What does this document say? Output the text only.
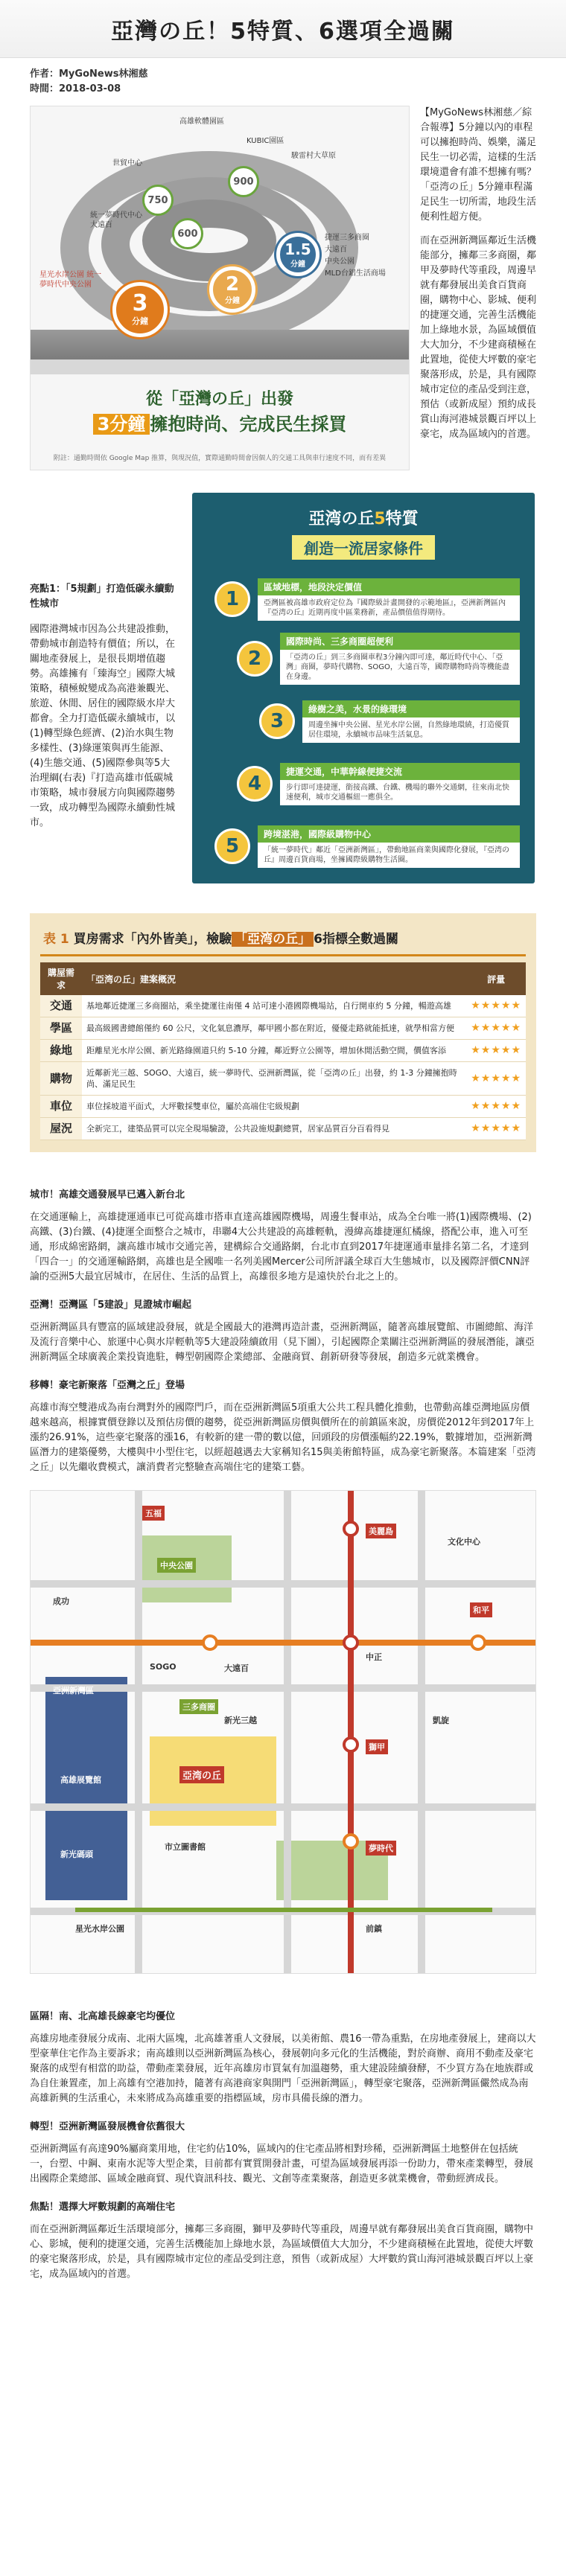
亞灣の丘！5特質、6選項全過關
作者：MyGoNews林湘慈
時間：2018-03-08
3
分鐘
2
分鐘
1.5
分鐘
750
600
900
高雄軟體園區
KUBIC園區
駿雷村大草原
世貿中心
統一夢時代中心 大遠百
捷運三多商圈
大遠百
中央公園
MLD台鋁生活商場
星光水岸公園 統一夢時代中央公園
從「亞灣の丘」出發
3分鐘 擁抱時尚、完成民生採買
附註：通勤時間依 Google Map 推算，與現況值，實際通勤時間會因個人的交通工具與車行速度不同，而有差異

【MyGoNews林湘慈／綜合報導】5分鐘以內的車程可以擁抱時尚、娛樂，滿足民生一切必需，這樣的生活環境還會有誰不想擁有嗎？「亞湾の丘」5分鐘車程滿足民生一切所需，地段生活便利性超方便。

而在亞洲新灣區鄰近生活機能部分，擁鄰三多商圈，鄰甲及夢時代等重段，周邊早就有鄰發展出美食百貨商圈，購物中心、影城、便利的捷運交通，完善生活機能加上綠地水景，為區域價值大大加分，不少建商積極在此置地，從使大坪數的豪宅聚落形成，於是，具有國際城市定位的產品受到注意，預估（或新成屋）預約成長賞山海河港城景觀百坪以上豪宅，成為區域內的首選。

亮點1：「5規劃」打造低碳永續動性城市

國際港灣城市因為公共建設推動，帶動城市創造特有價值；所以，在關地產發展上，是很長期增值趨勢。高雄擁有「臻海空」國際大城策略，積極蛻變成為高港兼觀光、旅遊、休閒、居住的國際級水岸大都會。全力打造低碳永續城市，以(1)轉型綠色經濟、(2)治水與生物多樣性、(3)綠運策與再生能源、(4)生態交通、(5)國際參與等5大治理綱(右表)『打造高雄市低碳城市策略，城市發展方向與國際趨勢一致，成功轉型為國際永續動性城市。

亞湾の丘5特質
創造一流居家條件
1
區域地標，地段決定價值
亞灣區被高雄市政府定位為『國際級計畫開發的示範地區』，亞洲新灣區內『亞湾の丘』近期再度中區業務新，產品價值值得期待。
2
國際時尚、三多商圈超便利
「亞湾の丘」到三多商圈車程3分鐘內即可達，鄰近時代中心、「亞灣」商圈，夢時代購物、SOGO，大遠百等，國際購物時尚等機能盡在身邊。
3
綠樹之美，水景的綠環境
周邊坐擁中央公園、星光水岸公園，自然綠地環繞，打造優質居住環境，永續城市品味生活氣息。
4
捷運交通，中華幹線便捷交流
步行即可達捷運，銜接高鐵、台鐵、機場的聯外交通網，往來南北快速便利，城市交通樞紐一應俱全。
5
跨境湛港，國際級購物中心
「統一夢時代」鄰近「亞洲新灣區」，帶動地區商業與國際化發展，『亞湾の丘』周邊百貨商場，坐擁國際級購物生活圈。
表 1 買房需求「內外皆美」，檢驗 「亞湾の丘」 6指標全數過關
購屋需求	「亞湾の丘」建案概況	評量
交通	基地鄰近捷運三多商圈站，乘坐捷運往南僅 4 站可達小港國際機場站，自行開車約 5 分鐘，暢遊高雄	★★★★★
學區	最高級國書總館僅約 60 公尺，文化氣息濃厚，鄰甲國小都在附近，優優走路就能抵達，就學相當方便	★★★★★
綠地	距離星光水岸公園、新光路綠園道只約 5-10 分鐘，鄰近野立公園等，增加休閒活動空間，價值客添	★★★★★
購物	近鄰新光三越、SOGO、大遠百，統一夢時代、亞洲新灣區，從「亞湾の丘」出發，約 1-3 分鐘擁抱時尚、滿足民生	★★★★★
車位	車位採坡道平面式，大坪數採雙車位，屬於高端住宅級規劃	★★★★★
屋況	全新完工，建築品質可以完全現場驗證，公共設施規劃總質，居家品質百分百看得見	★★★★★
城市！高雄交通發展早已邁入新台北

在交通運輸上，高雄捷運通車已可從高雄市搭車直達高雄國際機場，周邊生餐車站，成為全台唯一將(1)國際機場、(2)高鐵、(3)台鐵、(4)捷運全面整合之城市，串聯4大公共建設的高雄輕軌，漫緯高雄捷運紅橘線，搭配公車，進入可至通，形成綿密路網，讓高雄市城市交通完善，建構綜合交通路網，台北市直到2017年捷運通車量排名第二名，才達到「四合一」的交通運輸路網，高雄也是全國唯一名列美國Mercer公司所評議全球百大生態城市，以及國際評價CNN評論的亞洲5大最宜居城市，在居住、生活的品質上，高雄很多地方是遠快於台北之上的。

亞灣！亞灣區「5建設」見證城市崛起

亞洲新灣區具有豐富的區域建設發展，就是全國最大的港灣再造計畫，亞洲新灣區，隨著高雄展覽館、市圖總館、海洋及流行音樂中心、旅運中心與水岸輕軌等5大建設陸續啟用（見下圖），引起國際企業關注亞洲新灣區的發展潛能，讓亞洲新灣區全球廣義企業投資進駐，轉型朝國際企業總部、金融商貿、創新研發等發展，創造多元就業機會。

移轉！豪宅新聚落「亞灣之丘」登場

高雄市海空雙港成為南台灣對外的國際門戶，而在亞洲新灣區5項重大公共工程具體化推動，也帶動高雄亞灣地區房價越來越高，根據實價登錄以及預估房價的趨勢，從亞洲新灣區房價與價所在的前鎮區來說，房價從2012年到2017年上漲約26.91%，這些豪宅聚落的漲16，有較新的建一帶的數以億，回頭段的房價漲幅約22.19%，數據增加，亞洲新灣區潛力的建築優勢，大樓與中小型住宅，以經超越遇去大家稱知名15與美術館特區，成為豪宅新聚落。本篇建案「亞湾之丘」以先繼收費模式，讓消費者完整驗查高端住宅的建築工藝。

五福
文化中心
中正
美麗島
三多商圈
新光三越
大遠百
SOGO
中央公園
亞洲新灣區
夢時代
凱旋
前鎮
獅甲
亞湾の丘
星光水岸公園
新光碼頭
高雄展覽館
市立圖書館
和平
成功
區隔！南、北高雄長線豪宅均優位

高雄房地產發展分成南、北兩大區塊，北高雄著重人文發展，以美術館、農16一帶為重點，在房地產發展上，建商以大型豪華住宅作為主要訴求；南高雄則以亞洲新灣區為核心，發展朝向多元化的生活機能，對於商辦、商用不動產及豪宅聚落的成型有相當的助益，帶動產業發展，近年高雄房市買氣有加溫趨勢，重大建設陸續發酵，不少買方為在地族群或為自住兼置產，加上高雄有空港加持，隨著有高港商家與開門「亞洲新灣區」，轉型豪宅聚落，亞洲新灣區儼然成為南高雄新興的生活重心，未來將成為高雄重要的指標區域，房市具備長線的潛力。

轉型！亞洲新灣區發展機會依舊很大

亞洲新灣區有高達90%屬商業用地，住宅約佔10%，區域內的住宅產品將相對珍稀，亞洲新灣區土地整併在包括統一，台塑、中鋼、東南水泥等大型企業，目前都有實質開發計畫，可望為區域發展再添一份助力，帶來產業轉型，發展出國際企業總部、區域金融商貿、現代資訊科技、觀光、文創等產業聚落，創造更多就業機會，帶動經濟成長。

焦點！選擇大坪數規劃的高端住宅

而在亞洲新灣區鄰近生活環境部分，擁鄰三多商圈，獅甲及夢時代等重段，周邊早就有鄰發展出美食百貨商圈，購物中心、影城，便利的捷運交通，完善生活機能加上綠地水景，為區域價值大大加分，不少建商積極在此置地，從使大坪數的豪宅聚落形成，於是，具有國際城市定位的產品受到注意，預售（或新成屋）大坪數約賞山海河港城景觀百坪以上豪宅，成為區域內的首選。
